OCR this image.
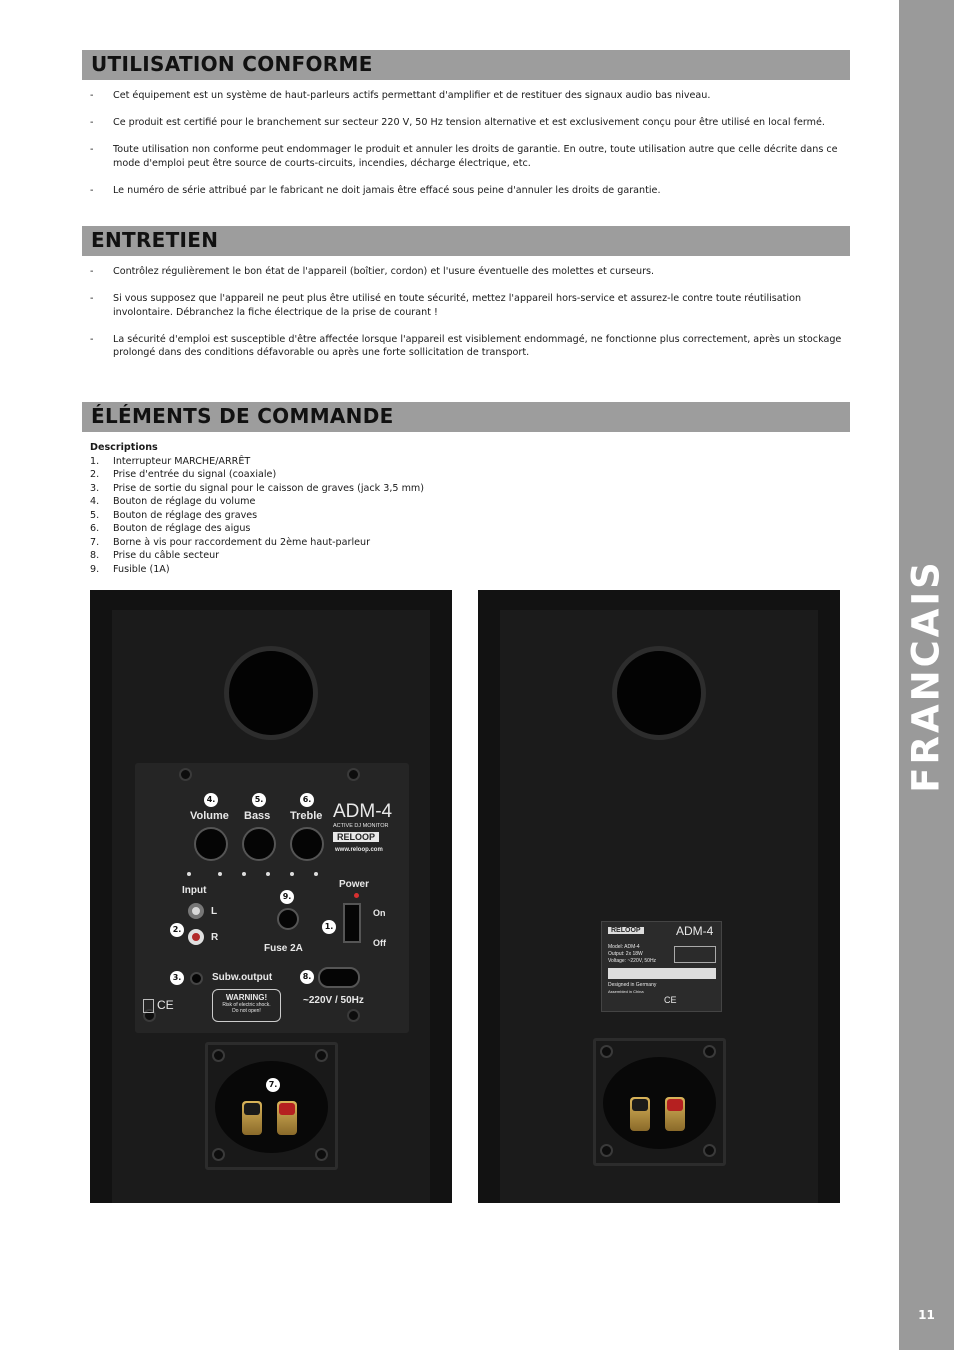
FRANCAIS
11
UTILISATION CONFORME
- Cet équipement est un système de haut-parleurs actifs permettant d'amplifier et de restituer des signaux audio bas niveau.
- Ce produit est certifié pour le branchement sur secteur 220 V, 50 Hz tension alternative et est exclusivement conçu pour être utilisé en local fermé.
- Toute utilisation non conforme peut endommager le produit et annuler les droits de garantie. En outre, toute utilisation autre que celle décrite dans ce mode d'emploi peut être source de courts-circuits, incendies, décharge électrique, etc.
- Le numéro de série attribué par le fabricant ne doit jamais être effacé sous peine d'annuler les droits de garantie.
ENTRETIEN
- Contrôlez régulièrement le bon état de l'appareil (boîtier, cordon) et l'usure éventuelle des molettes et curseurs.
- Si vous supposez que l'appareil ne peut plus être utilisé en toute sécurité, mettez l'appareil hors-service et assurez-le contre toute réutilisation involontaire. Débranchez la fiche électrique de la prise de courant !
- La sécurité d'emploi est susceptible d'être affectée lorsque l'appareil est visiblement endommagé, ne fonctionne plus correctement, après un stockage prolongé dans des conditions défavorable ou après une forte sollicitation de transport.
ÉLÉMENTS DE COMMANDE
Descriptions
1. Interrupteur MARCHE/ARRÊT
2. Prise d'entrée du signal (coaxiale)
3. Prise de sortie du signal pour le caisson de graves (jack 3,5 mm)
4. Bouton de réglage du volume
5. Bouton de réglage des graves
6. Bouton de réglage des aigus
7. Borne à vis pour raccordement du 2ème haut-parleur
8. Prise du câble secteur
9. Fusible (1A)
4.	5.	6.
Volume Bass Treble ADM-4
ACTIVE DJ MONITOR
RELOOP
www.reloop.com
Input
L
R
2.
9.
Fuse 2A
Power
On
Off
1.
3.	Subw.output	8.
~220V / 50Hz
WARNING!
Risk of electric shock.
Do not open!
CE
7.
RELOOP	ADM-4
Model: ADM-4
Output: 2x 18W
Voltage: ~220V, 50Hz
Designed in Germany
Assembled in China
CE
